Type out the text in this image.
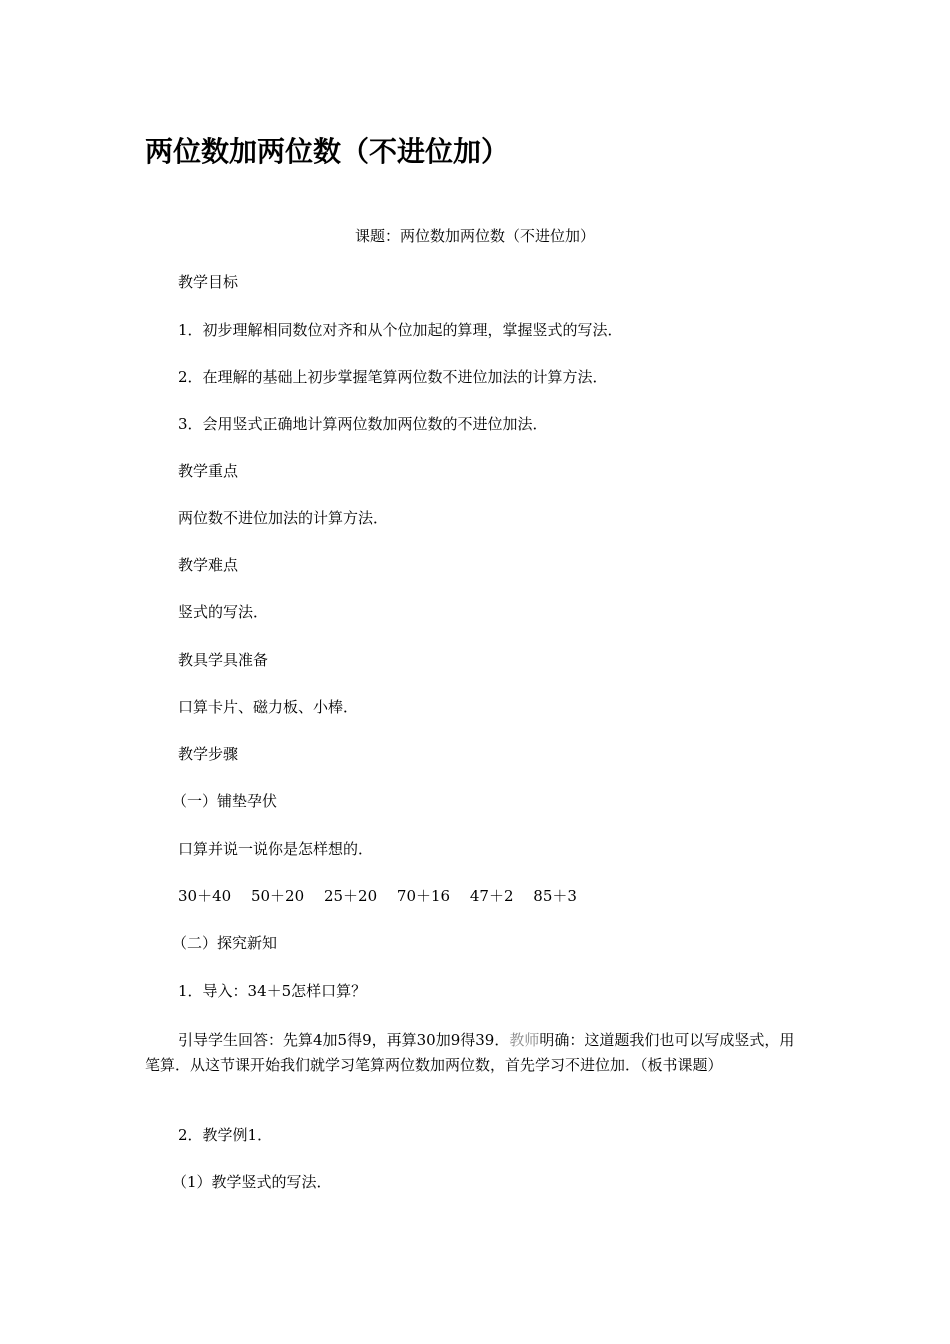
两位数加两位数（不进位加）

课题：两位数加两位数（不进位加）

教学目标

1．初步理解相同数位对齐和从个位加起的算理，掌握竖式的写法．

2．在理解的基础上初步掌握笔算两位数不进位加法的计算方法．

3．会用竖式正确地计算两位数加两位数的不进位加法．

教学重点

两位数不进位加法的计算方法．

教学难点

竖式的写法．

教具学具准备

口算卡片、磁力板、小棒．

教学步骤

（一）铺垫孕伏

口算并说一说你是怎样想的．

30＋40 50＋20 25＋20 70＋16 47＋2 85＋3

（二）探究新知

1．导入：34＋5怎样口算？

引导学生回答：先算4加5得9，再算30加9得39．教师明确：这道题我们也可以写成竖式，用笔算．从这节课开始我们就学习笔算两位数加两位数，首先学习不进位加．（板书课题）

2．教学例1．

（1）教学竖式的写法．
